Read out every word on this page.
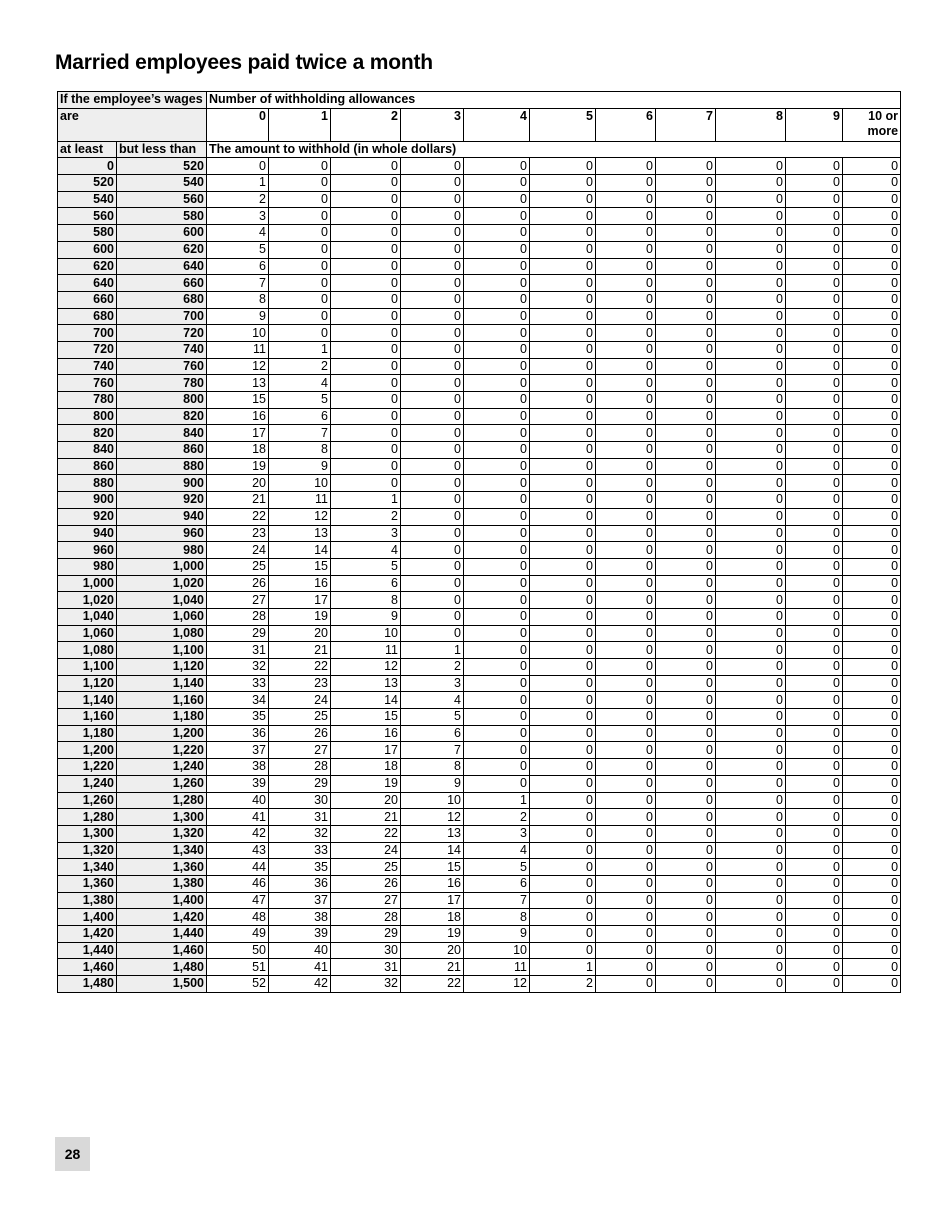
Married employees paid twice a month
If the employee’s wages		Number of withholding allowances										
are		0	1	2	3	4	5	6	7	8	9	10 or more
at least	but less than	The amount to withhold (in whole dollars)										
0	520	0	0	0	0	0	0	0	0	0	0	0
520	540	1	0	0	0	0	0	0	0	0	0	0
540	560	2	0	0	0	0	0	0	0	0	0	0
560	580	3	0	0	0	0	0	0	0	0	0	0
580	600	4	0	0	0	0	0	0	0	0	0	0
600	620	5	0	0	0	0	0	0	0	0	0	0
620	640	6	0	0	0	0	0	0	0	0	0	0
640	660	7	0	0	0	0	0	0	0	0	0	0
660	680	8	0	0	0	0	0	0	0	0	0	0
680	700	9	0	0	0	0	0	0	0	0	0	0
700	720	10	0	0	0	0	0	0	0	0	0	0
720	740	11	1	0	0	0	0	0	0	0	0	0
740	760	12	2	0	0	0	0	0	0	0	0	0
760	780	13	4	0	0	0	0	0	0	0	0	0
780	800	15	5	0	0	0	0	0	0	0	0	0
800	820	16	6	0	0	0	0	0	0	0	0	0
820	840	17	7	0	0	0	0	0	0	0	0	0
840	860	18	8	0	0	0	0	0	0	0	0	0
860	880	19	9	0	0	0	0	0	0	0	0	0
880	900	20	10	0	0	0	0	0	0	0	0	0
900	920	21	11	1	0	0	0	0	0	0	0	0
920	940	22	12	2	0	0	0	0	0	0	0	0
940	960	23	13	3	0	0	0	0	0	0	0	0
960	980	24	14	4	0	0	0	0	0	0	0	0
980	1,000	25	15	5	0	0	0	0	0	0	0	0
1,000	1,020	26	16	6	0	0	0	0	0	0	0	0
1,020	1,040	27	17	8	0	0	0	0	0	0	0	0
1,040	1,060	28	19	9	0	0	0	0	0	0	0	0
1,060	1,080	29	20	10	0	0	0	0	0	0	0	0
1,080	1,100	31	21	11	1	0	0	0	0	0	0	0
1,100	1,120	32	22	12	2	0	0	0	0	0	0	0
1,120	1,140	33	23	13	3	0	0	0	0	0	0	0
1,140	1,160	34	24	14	4	0	0	0	0	0	0	0
1,160	1,180	35	25	15	5	0	0	0	0	0	0	0
1,180	1,200	36	26	16	6	0	0	0	0	0	0	0
1,200	1,220	37	27	17	7	0	0	0	0	0	0	0
1,220	1,240	38	28	18	8	0	0	0	0	0	0	0
1,240	1,260	39	29	19	9	0	0	0	0	0	0	0
1,260	1,280	40	30	20	10	1	0	0	0	0	0	0
1,280	1,300	41	31	21	12	2	0	0	0	0	0	0
1,300	1,320	42	32	22	13	3	0	0	0	0	0	0
1,320	1,340	43	33	24	14	4	0	0	0	0	0	0
1,340	1,360	44	35	25	15	5	0	0	0	0	0	0
1,360	1,380	46	36	26	16	6	0	0	0	0	0	0
1,380	1,400	47	37	27	17	7	0	0	0	0	0	0
1,400	1,420	48	38	28	18	8	0	0	0	0	0	0
1,420	1,440	49	39	29	19	9	0	0	0	0	0	0
1,440	1,460	50	40	30	20	10	0	0	0	0	0	0
1,460	1,480	51	41	31	21	11	1	0	0	0	0	0
1,480	1,500	52	42	32	22	12	2	0	0	0	0	0
28
